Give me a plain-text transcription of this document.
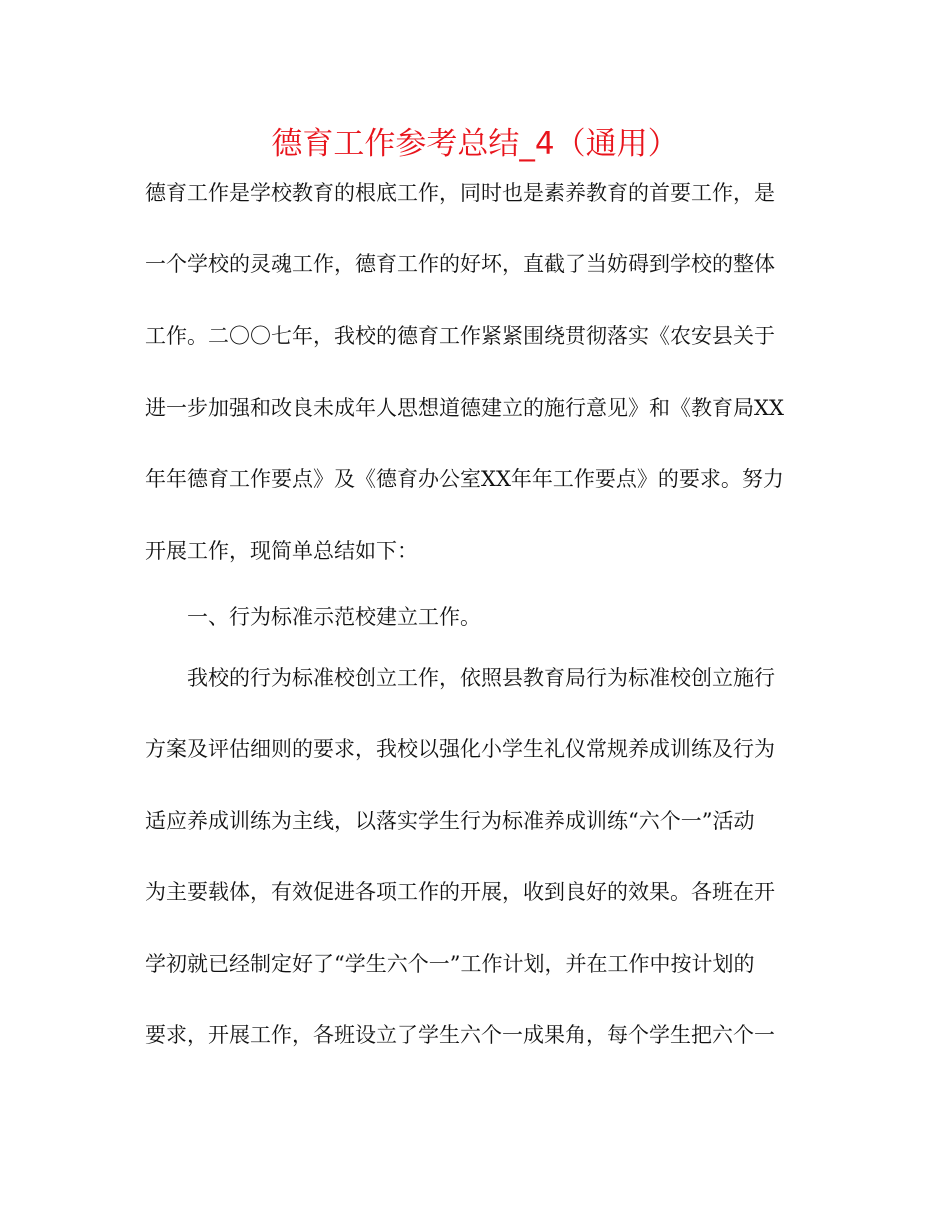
德育工作参考总结_4（通用）
德育工作是学校教育的根底工作，同时也是素养教育的首要工作，是
一个学校的灵魂工作，德育工作的好坏，直截了当妨碍到学校的整体
工作。二〇〇七年，我校的德育工作紧紧围绕贯彻落实《农安县关于
进一步加强和改良未成年人思想道德建立的施行意见》和《教育局XX
年年德育工作要点》及《德育办公室XX年年工作要点》的要求。努力
开展工作，现简单总结如下：
一、行为标准示范校建立工作。
我校的行为标准校创立工作，依照县教育局行为标准校创立施行
方案及评估细则的要求，我校以强化小学生礼仪常规养成训练及行为
适应养成训练为主线，以落实学生行为标准养成训练“六个一”活动
为主要载体，有效促进各项工作的开展，收到良好的效果。各班在开
学初就已经制定好了“学生六个一”工作计划，并在工作中按计划的
要求，开展工作，各班设立了学生六个一成果角，每个学生把六个一
